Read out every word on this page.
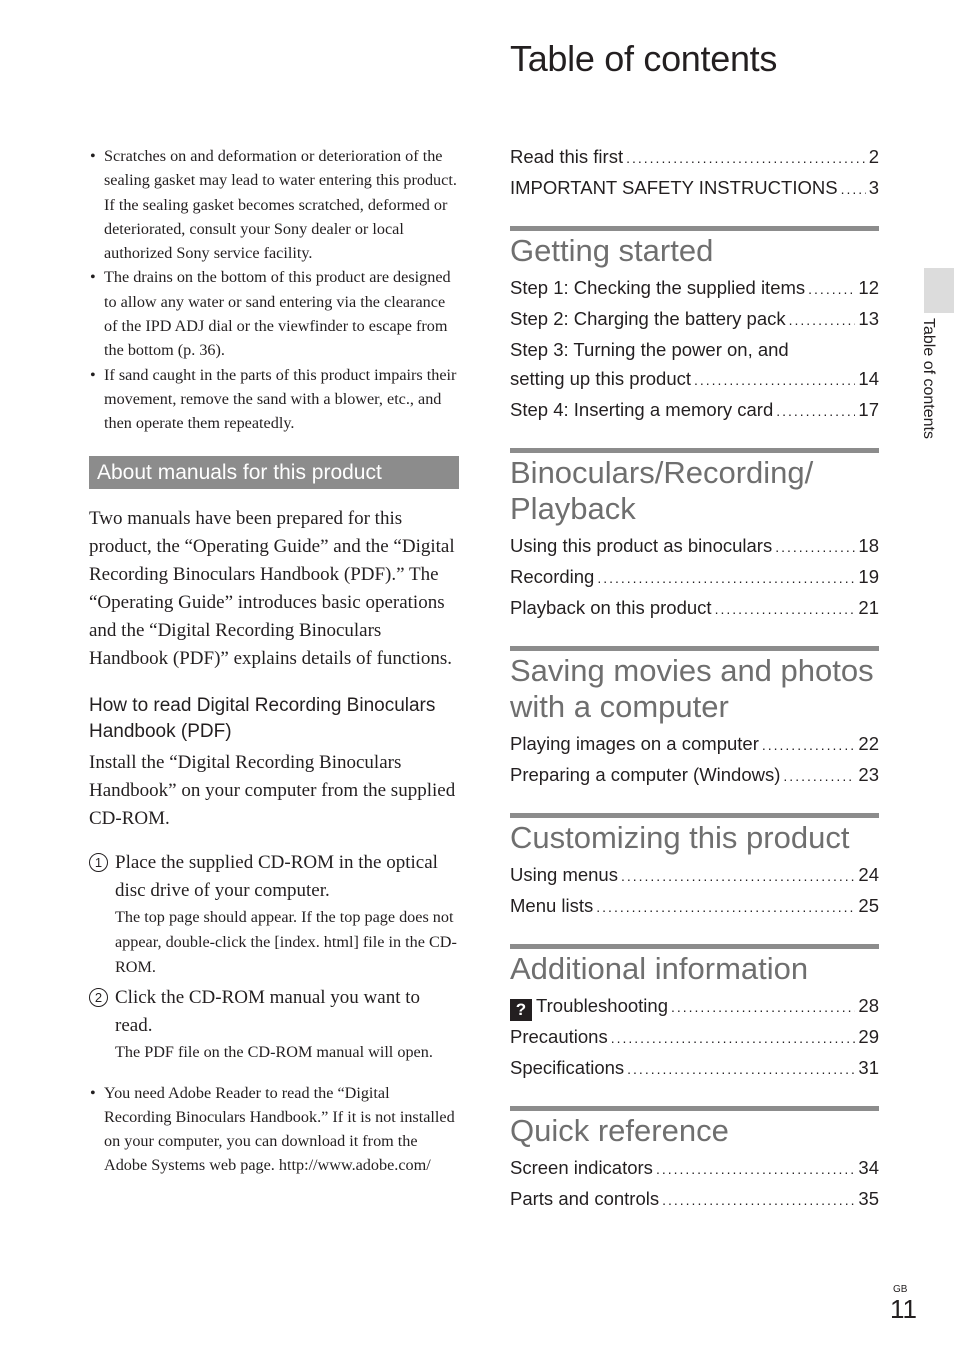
Table of contents
• Scratches on and deformation or deterioration of the sealing gasket may lead to water entering this product. If the sealing gasket becomes scratched, deformed or deteriorated, consult your Sony dealer or local authorized Sony service facility.
• The drains on the bottom of this product are designed to allow any water or sand entering via the clearance of the IPD ADJ dial or the viewfinder to escape from the bottom (p. 36).
• If sand caught in the parts of this product impairs their movement, remove the sand with a blower, etc., and then operate them repeatedly.
About manuals for this product

Two manuals have been prepared for this product, the “Operating Guide” and the “Digital Recording Binoculars Handbook (PDF).” The “Operating Guide” introduces basic operations and the “Digital Recording Binoculars Handbook (PDF)” explains details of functions.

How to read Digital Recording Binoculars Handbook (PDF)

Install the “Digital Recording Binoculars Handbook” on your computer from the supplied CD-ROM.

1 Place the supplied CD-ROM in the optical disc drive of your computer.
The top page should appear. If the top page does not appear, double-click the [index. html] file in the CD-ROM.
2 Click the CD-ROM manual you want to read.
The PDF file on the CD-ROM manual will open.
• You need Adobe Reader to read the “Digital Recording Binoculars Handbook.” If it is not installed on your computer, you can download it from the Adobe Systems web page. http://www.adobe.com/
Read this first .....	2
IMPORTANT SAFETY INSTRUCTIONS ..... 3
Getting started
Step 1: Checking the supplied items .....	12
Step 2: Charging the battery pack .....	13
Step 3: Turning the power on, and
setting up this product .....	14
Step 4: Inserting a memory card .....	17
Binoculars/Recording/ Playback
Using this product as binoculars .....	18
Recording .....	19
Playback on this product .....	21
Saving movies and photos with a computer
Playing images on a computer .....	22
Preparing a computer (Windows) .....	23
Customizing this product
Using menus .....	24
Menu lists .....	25
Additional information
? Troubleshooting .....	28
Precautions .....	29
Specifications .....	31
Quick reference
Screen indicators .....	34
Parts and controls .....	35
Table of contents
GB
11
